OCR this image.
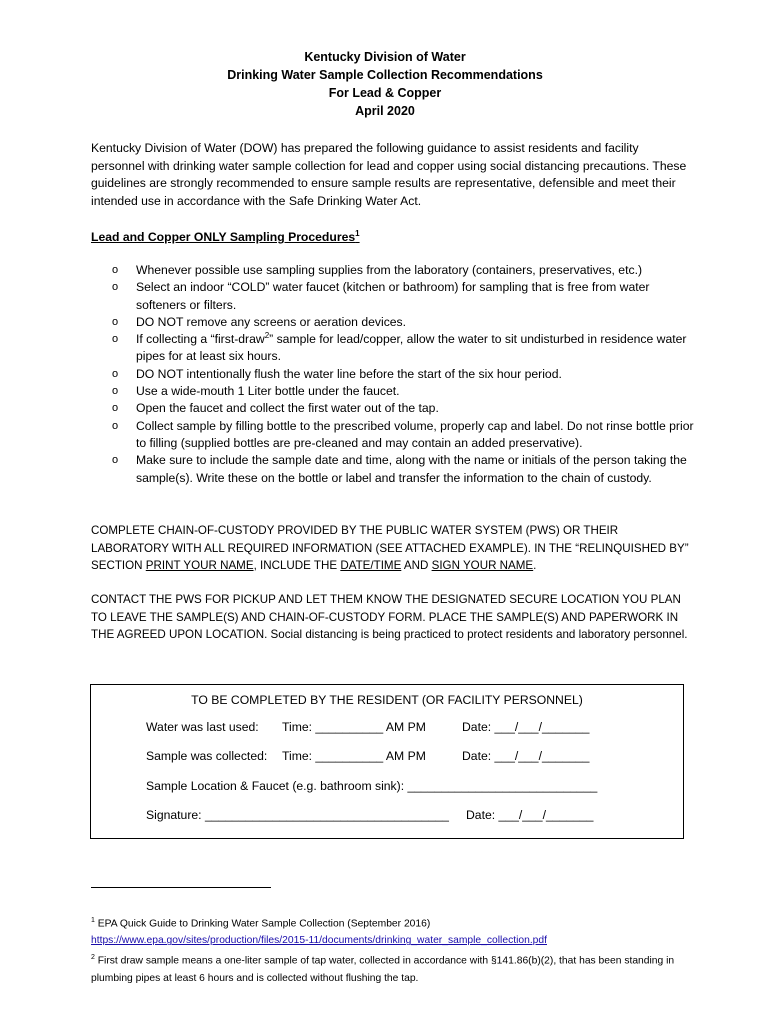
Kentucky Division of Water
Drinking Water Sample Collection Recommendations
For Lead & Copper
April 2020
Kentucky Division of Water (DOW) has prepared the following guidance to assist residents and facility personnel with drinking water sample collection for lead and copper using social distancing precautions. These guidelines are strongly recommended to ensure sample results are representative, defensible and meet their intended use in accordance with the Safe Drinking Water Act.
Lead and Copper ONLY Sampling Procedures$^1$
o Whenever possible use sampling supplies from the laboratory (containers, preservatives, etc.)
o Select an indoor “COLD” water faucet (kitchen or bathroom) for sampling that is free from water softeners or filters.
o DO NOT remove any screens or aeration devices.
o If collecting a “first-draw$^2$” sample for lead/copper, allow the water to sit undisturbed in residence water pipes for at least six hours.
o DO NOT intentionally flush the water line before the start of the six hour period.
o Use a wide-mouth 1 Liter bottle under the faucet.
o Open the faucet and collect the first water out of the tap.
o Collect sample by filling bottle to the prescribed volume, properly cap and label. Do not rinse bottle prior to filling (supplied bottles are pre-cleaned and may contain an added preservative).
o Make sure to include the sample date and time, along with the name or initials of the person taking the sample(s). Write these on the bottle or label and transfer the information to the chain of custody.
COMPLETE CHAIN-OF-CUSTODY PROVIDED BY THE PUBLIC WATER SYSTEM (PWS) OR THEIR LABORATORY WITH ALL REQUIRED INFORMATION (SEE ATTACHED EXAMPLE). IN THE “RELINQUISHED BY” SECTION PRINT YOUR NAME, INCLUDE THE DATE/TIME AND SIGN YOUR NAME.
CONTACT THE PWS FOR PICKUP AND LET THEM KNOW THE DESIGNATED SECURE LOCATION YOU PLAN TO LEAVE THE SAMPLE(S) AND CHAIN-OF-CUSTODY FORM. PLACE THE SAMPLE(S) AND PAPERWORK IN THE AGREED UPON LOCATION. Social distancing is being practiced to protect residents and laboratory personnel.
TO BE COMPLETED BY THE RESIDENT (OR FACILITY PERSONNEL)
Water was last used: Time: __________ AM PM	Date: ___/___/_______
Sample was collected: Time: __________ AM PM	Date: ___/___/_______
Sample Location & Faucet (e.g. bathroom sink): ____________________________
Signature: ____________________________________ Date: ___/___/_______
$^1$ EPA Quick Guide to Drinking Water Sample Collection (September 2016)
https://www.epa.gov/sites/production/files/2015-11/documents/drinking_water_sample_collection.pdf
$^2$ First draw sample means a one-liter sample of tap water, collected in accordance with §141.86(b)(2), that has been standing in plumbing pipes at least 6 hours and is collected without flushing the tap.
